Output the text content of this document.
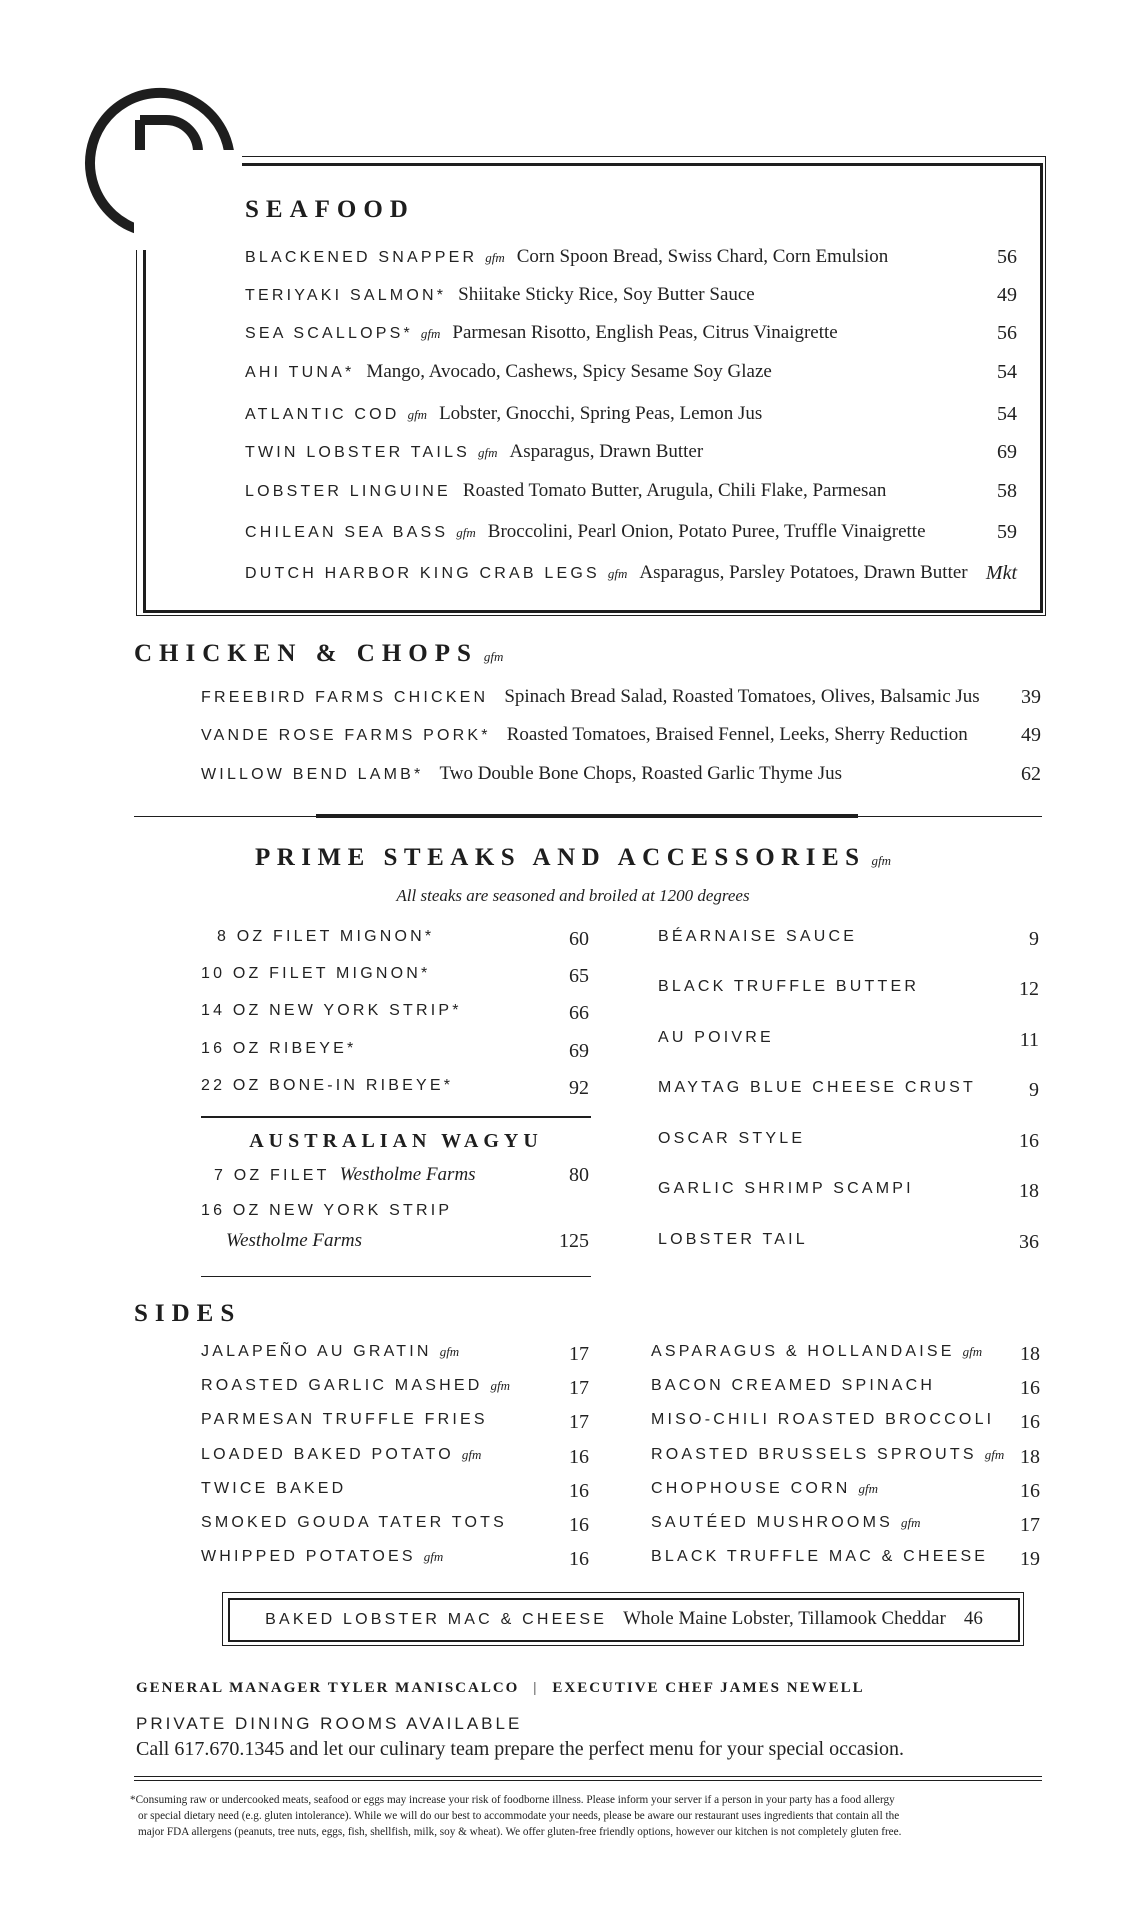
SEAFOOD
BLACKENED SNAPPER gfm Corn Spoon Bread, Swiss Chard, Corn Emulsion	56
TERIYAKI SALMON* Shiitake Sticky Rice, Soy Butter Sauce	49
SEA SCALLOPS* gfm Parmesan Risotto, English Peas, Citrus Vinaigrette	56
AHI TUNA* Mango, Avocado, Cashews, Spicy Sesame Soy Glaze	54
ATLANTIC COD gfm Lobster, Gnocchi, Spring Peas, Lemon Jus	54
TWIN LOBSTER TAILS gfm Asparagus, Drawn Butter	69
LOBSTER LINGUINE Roasted Tomato Butter, Arugula, Chili Flake, Parmesan	58
CHILEAN SEA BASS gfm Broccolini, Pearl Onion, Potato Puree, Truffle Vinaigrette	59
DUTCH HARBOR KING CRAB LEGS gfm Asparagus, Parsley Potatoes, Drawn Butter Mkt
CHICKEN & CHOPS gfm
FREEBIRD FARMS CHICKEN Spinach Bread Salad, Roasted Tomatoes, Olives, Balsamic Jus 39
VANDE ROSE FARMS PORK* Roasted Tomatoes, Braised Fennel, Leeks, Sherry Reduction	49
WILLOW BEND LAMB* Two Double Bone Chops, Roasted Garlic Thyme Jus	62
PRIME STEAKS AND ACCESSORIES gfm
All steaks are seasoned and broiled at 1200 degrees
8 OZ FILET MIGNON*	60
10 OZ FILET MIGNON*	65
14 OZ NEW YORK STRIP*	66
16 OZ RIBEYE*	69
22 OZ BONE-IN RIBEYE*	92
AUSTRALIAN WAGYU
7 OZ FILET Westholme Farms	80
16 OZ NEW YORK STRIP
Westholme Farms	125
BÉARNAISE SAUCE	9
BLACK TRUFFLE BUTTER	12
AU POIVRE	11
MAYTAG BLUE CHEESE CRUST	9
OSCAR STYLE	16
GARLIC SHRIMP SCAMPI	18
LOBSTER TAIL	36
SIDES
JALAPEÑO AU GRATIN gfm	17
ROASTED GARLIC MASHED gfm	17
PARMESAN TRUFFLE FRIES	17
LOADED BAKED POTATO gfm	16
TWICE BAKED	16
SMOKED GOUDA TATER TOTS	16
WHIPPED POTATOES gfm	16
ASPARAGUS & HOLLANDAISE gfm 18
BACON CREAMED SPINACH	16
MISO-CHILI ROASTED BROCCOLI 16
ROASTED BRUSSELS SPROUTS gfm 18
CHOPHOUSE CORN gfm	16
SAUTÉED MUSHROOMS gfm	17
BLACK TRUFFLE MAC & CHEESE 19
BAKED LOBSTER MAC & CHEESE Whole Maine Lobster, Tillamook Cheddar 46
GENERAL MANAGER TYLER MANISCALCO | EXECUTIVE CHEF JAMES NEWELL
PRIVATE DINING ROOMS AVAILABLE
Call 617.670.1345 and let our culinary team prepare the perfect menu for your special occasion.
*Consuming raw or undercooked meats, seafood or eggs may increase your risk of foodborne illness. Please inform your server if a person in your party has a food allergy
or special dietary need (e.g. gluten intolerance). While we will do our best to accommodate your needs, please be aware our restaurant uses ingredients that contain all the
major FDA allergens (peanuts, tree nuts, eggs, fish, shellfish, milk, soy & wheat). We offer gluten-free friendly options, however our kitchen is not completely gluten free.
